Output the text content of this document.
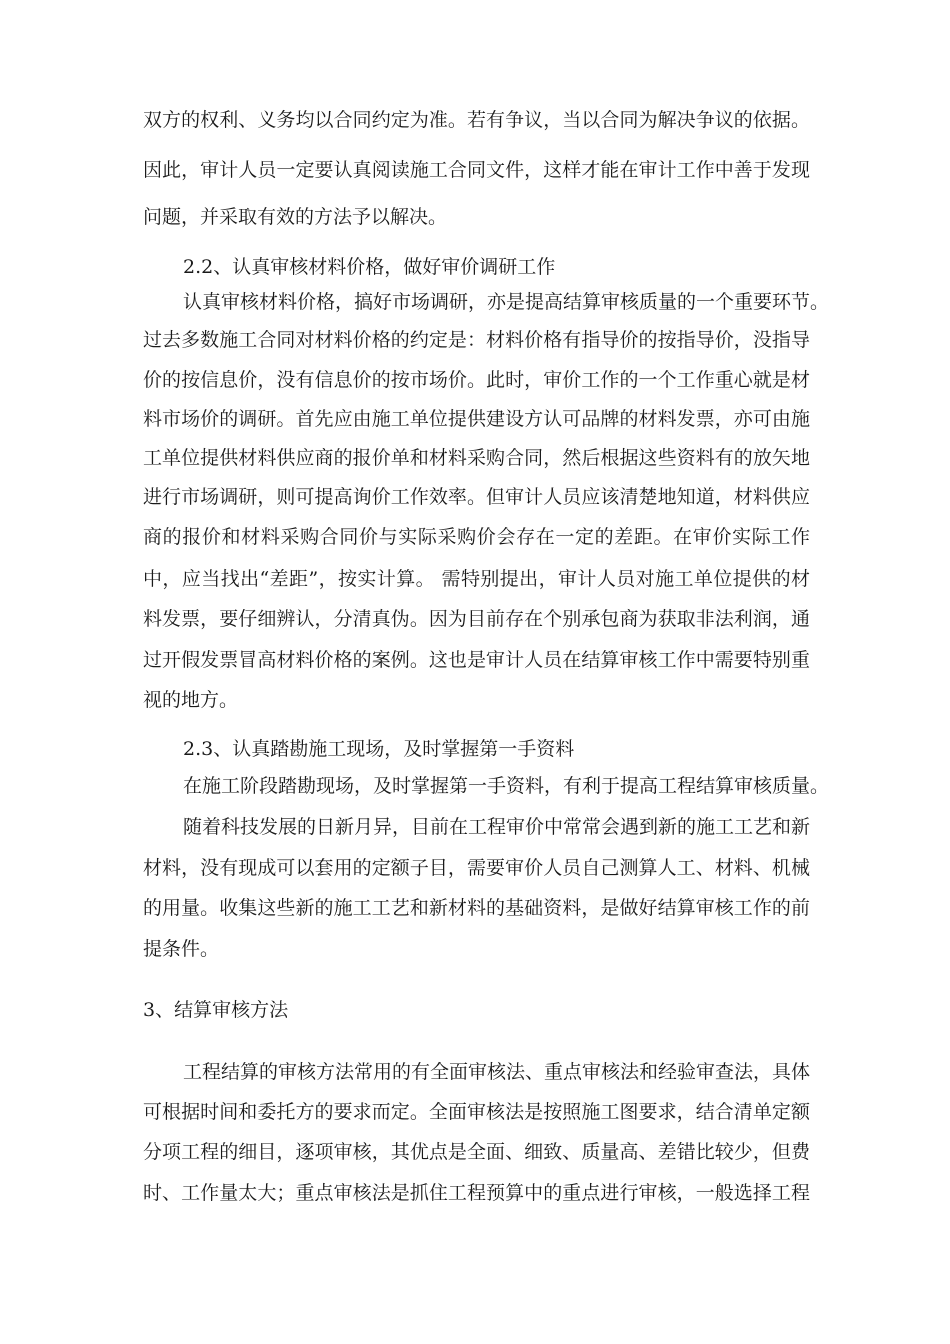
双方的权利、义务均以合同约定为准。若有争议，当以合同为解决争议的依据。
因此，审计人员一定要认真阅读施工合同文件，这样才能在审计工作中善于发现
问题，并采取有效的方法予以解决。
2.2、认真审核材料价格，做好审价调研工作
认真审核材料价格，搞好市场调研，亦是提高结算审核质量的一个重要环节。
过去多数施工合同对材料价格的约定是：材料价格有指导价的按指导价，没指导
价的按信息价，没有信息价的按市场价。此时，审价工作的一个工作重心就是材
料市场价的调研。首先应由施工单位提供建设方认可品牌的材料发票，亦可由施
工单位提供材料供应商的报价单和材料采购合同，然后根据这些资料有的放矢地
进行市场调研，则可提高询价工作效率。但审计人员应该清楚地知道，材料供应
商的报价和材料采购合同价与实际采购价会存在一定的差距。在审价实际工作
中，应当找出“差距”，按实计算。 需特别提出，审计人员对施工单位提供的材
料发票，要仔细辨认，分清真伪。因为目前存在个别承包商为获取非法利润，通
过开假发票冒高材料价格的案例。这也是审计人员在结算审核工作中需要特别重
视的地方。
2.3、认真踏勘施工现场，及时掌握第一手资料
在施工阶段踏勘现场，及时掌握第一手资料，有利于提高工程结算审核质量。
随着科技发展的日新月异，目前在工程审价中常常会遇到新的施工工艺和新
材料，没有现成可以套用的定额子目，需要审价人员自己测算人工、材料、机械
的用量。收集这些新的施工工艺和新材料的基础资料，是做好结算审核工作的前
提条件。
3、结算审核方法
工程结算的审核方法常用的有全面审核法、重点审核法和经验审查法，具体
可根据时间和委托方的要求而定。全面审核法是按照施工图要求，结合清单定额
分项工程的细目，逐项审核，其优点是全面、细致、质量高、差错比较少，但费
时、工作量太大；重点审核法是抓住工程预算中的重点进行审核，一般选择工程
